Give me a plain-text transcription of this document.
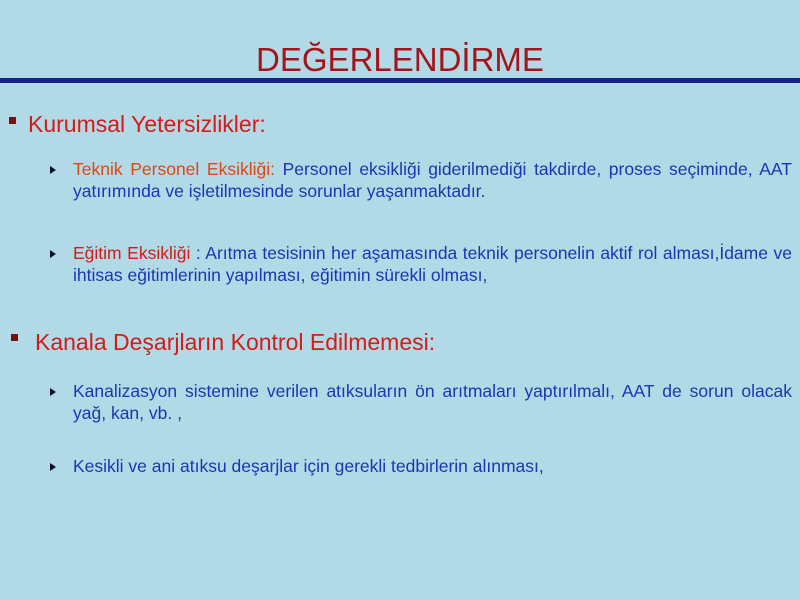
DEĞERLENDİRME
Kurumsal Yetersizlikler:
Teknik Personel Eksikliği: Personel eksikliği giderilmediği takdirde, proses seçiminde, AAT yatırımında ve işletilmesinde sorunlar yaşanmaktadır.
Eğitim Eksikliği : Arıtma tesisinin her aşamasında teknik personelin aktif rol alması,İdame ve ihtisas eğitimlerinin yapılması, eğitimin sürekli olması,
Kanala Deşarjların Kontrol Edilmemesi:
Kanalizasyon sistemine verilen atıksuların ön arıtmaları yaptırılmalı, AAT de sorun olacak yağ, kan, vb. ,
Kesikli ve ani atıksu deşarjlar için gerekli tedbirlerin alınması,
